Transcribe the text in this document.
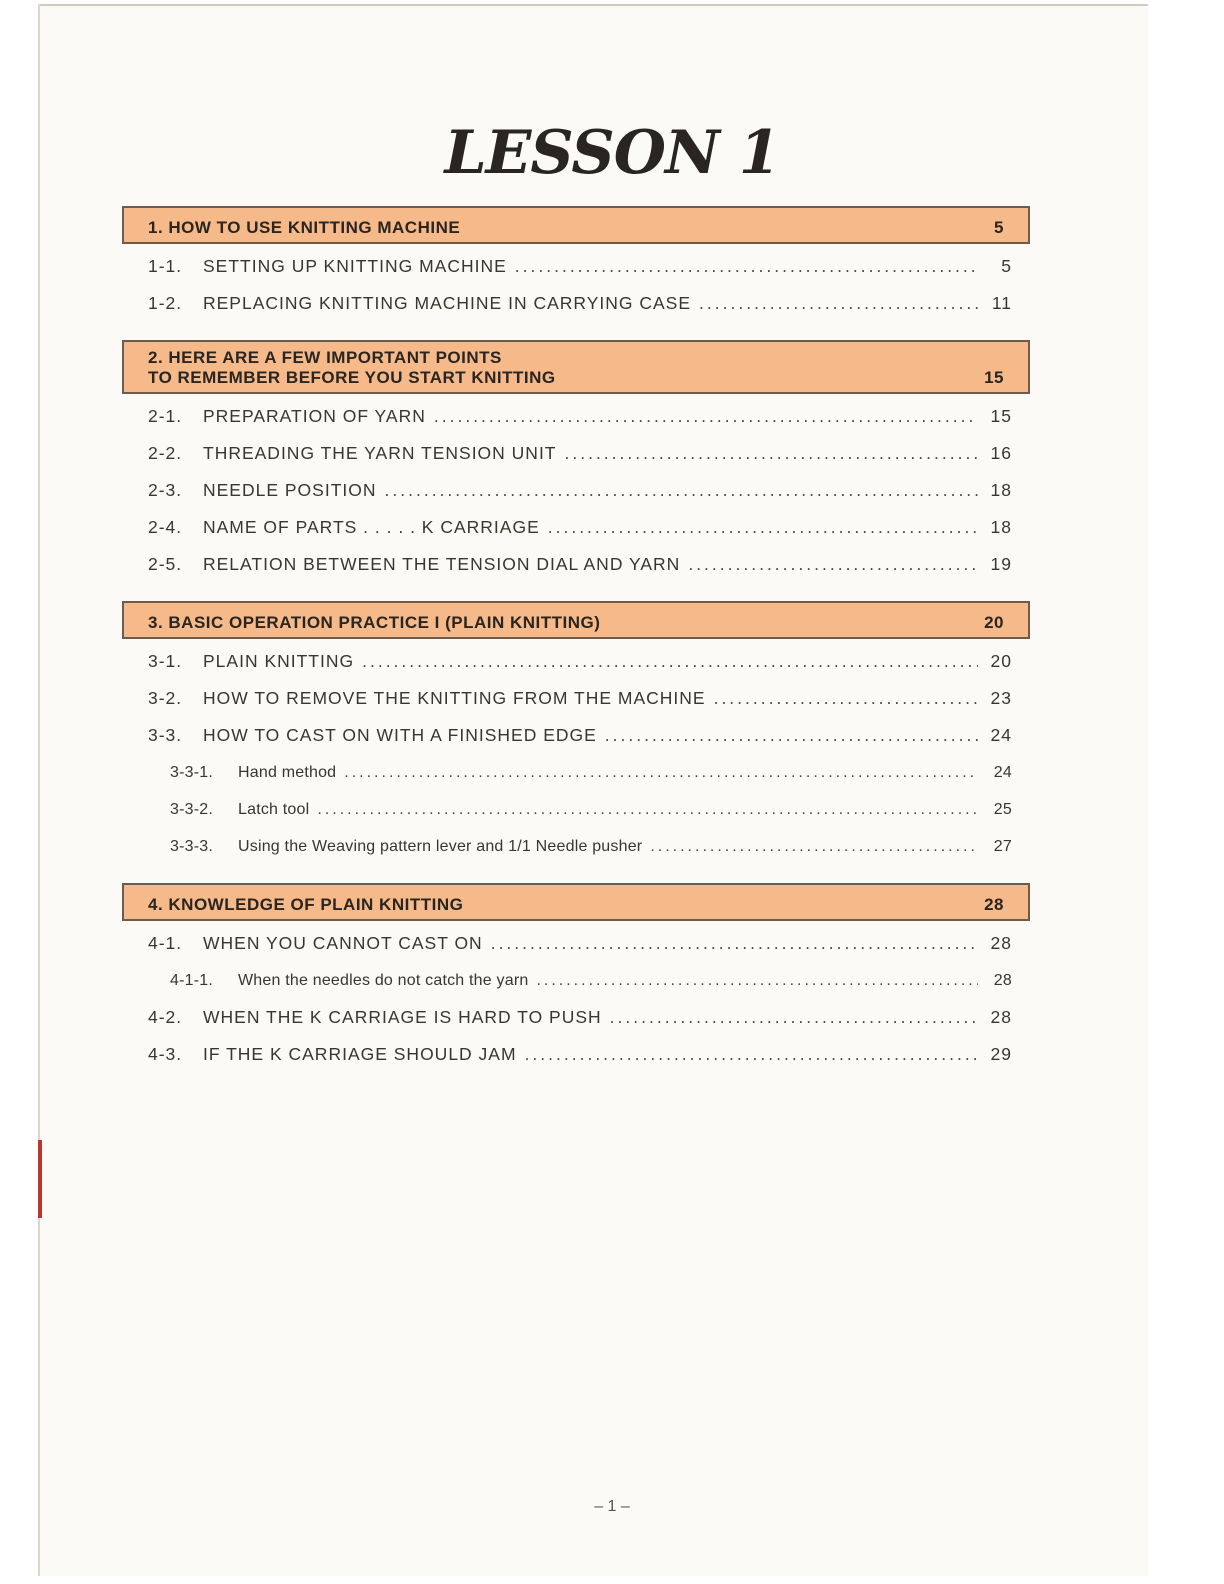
LESSON 1
1. HOW TO USE KNITTING MACHINE	5
1-1.	SETTING UP KNITTING MACHINE .....	5
1-2.	REPLACING KNITTING MACHINE IN CARRYING CASE .....	11
2. HERE ARE A FEW IMPORTANT POINTS
TO REMEMBER BEFORE YOU START KNITTING	15
2-1.	PREPARATION OF YARN .....	15
2-2.	THREADING THE YARN TENSION UNIT .....	16
2-3.	NEEDLE POSITION .....	18
2-4.	NAME OF PARTS . . . . . K CARRIAGE .....	18
2-5.	RELATION BETWEEN THE TENSION DIAL AND YARN .....	19
3. BASIC OPERATION PRACTICE I (PLAIN KNITTING)	20
3-1.	PLAIN KNITTING .....	20
3-2.	HOW TO REMOVE THE KNITTING FROM THE MACHINE .....	23
3-3.	HOW TO CAST ON WITH A FINISHED EDGE .....	24
3-3-1.	Hand method .....	24
3-3-2.	Latch tool .....	25
3-3-3.	Using the Weaving pattern lever and 1/1 Needle pusher .....	27
4. KNOWLEDGE OF PLAIN KNITTING	28
4-1.	WHEN YOU CANNOT CAST ON .....	28
4-1-1.	When the needles do not catch the yarn .....	28
4-2.	WHEN THE K CARRIAGE IS HARD TO PUSH .....	28
4-3.	IF THE K CARRIAGE SHOULD JAM .....	29
– 1 –
